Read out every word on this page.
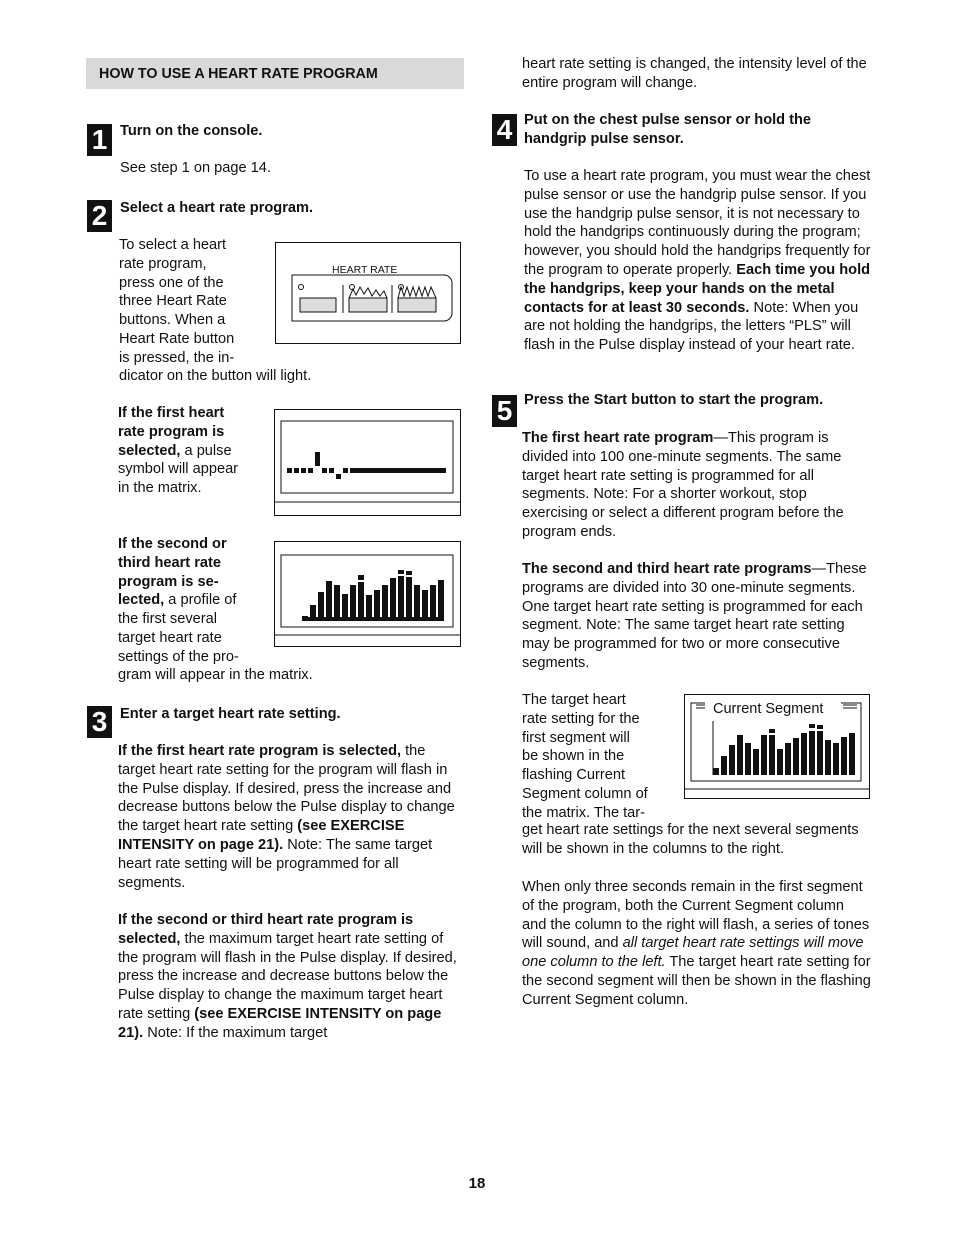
HOW TO USE A HEART RATE PROGRAM
1 Turn on the console.
See step 1 on page 14.
2 Select a heart rate program.
To select a heart
rate program,
press one of the
three Heart Rate
buttons. When a
Heart Rate button
is pressed, the in-
dicator on the button will light.
HEART RATE
If the first heart
rate program is
selected, a pulse
symbol will appear
in the matrix.
If the second or
third heart rate
program is se-
lected, a profile of
the first several
target heart rate
settings of the pro-
gram will appear in the matrix.
3 Enter a target heart rate setting.

If the first heart rate program is selected, the target heart rate setting for the program will flash in the Pulse display. If desired, press the increase and decrease buttons below the Pulse display to change the target heart rate setting (see EXERCISE INTENSITY on page 21). Note: The same target heart rate setting will be programmed for all segments.

If the second or third heart rate program is selected, the maximum target heart rate setting of the program will flash in the Pulse display. If desired, press the increase and decrease buttons below the Pulse display to change the maximum target heart rate setting (see EXERCISE INTENSITY on page 21). Note: If the maximum target

heart rate setting is changed, the intensity level of the entire program will change.

4 Put on the chest pulse sensor or hold the
handgrip pulse sensor.

To use a heart rate program, you must wear the chest pulse sensor or use the handgrip pulse sensor. If you use the handgrip pulse sensor, it is not necessary to hold the handgrips continuously during the program; however, you should hold the handgrips frequently for the program to operate properly. Each time you hold the handgrips, keep your hands on the metal contacts for at least 30 seconds. Note: When you are not holding the handgrips, the letters “PLS” will flash in the Pulse display instead of your heart rate.

5 Press the Start button to start the program.

The first heart rate program—This program is divided into 100 one-minute segments. The same target heart rate setting is programmed for all segments. Note: For a shorter workout, stop exercising or select a different program before the program ends.

The second and third heart rate programs—These programs are divided into 30 one-minute segments. One target heart rate setting is programmed for each segment. Note: The same target heart rate setting may be programmed for two or more consecutive segments.

The target heart
rate setting for the
first segment will
be shown in the
flashing Current
Segment column of
the matrix. The tar-

get heart rate settings for the next several segments will be shown in the columns to the right.

Current Segment

When only three seconds remain in the first segment of the program, both the Current Segment column and the column to the right will flash, a series of tones will sound, and all target heart rate settings will move one column to the left. The target heart rate setting for the second segment will then be shown in the flashing Current Segment column.

18
